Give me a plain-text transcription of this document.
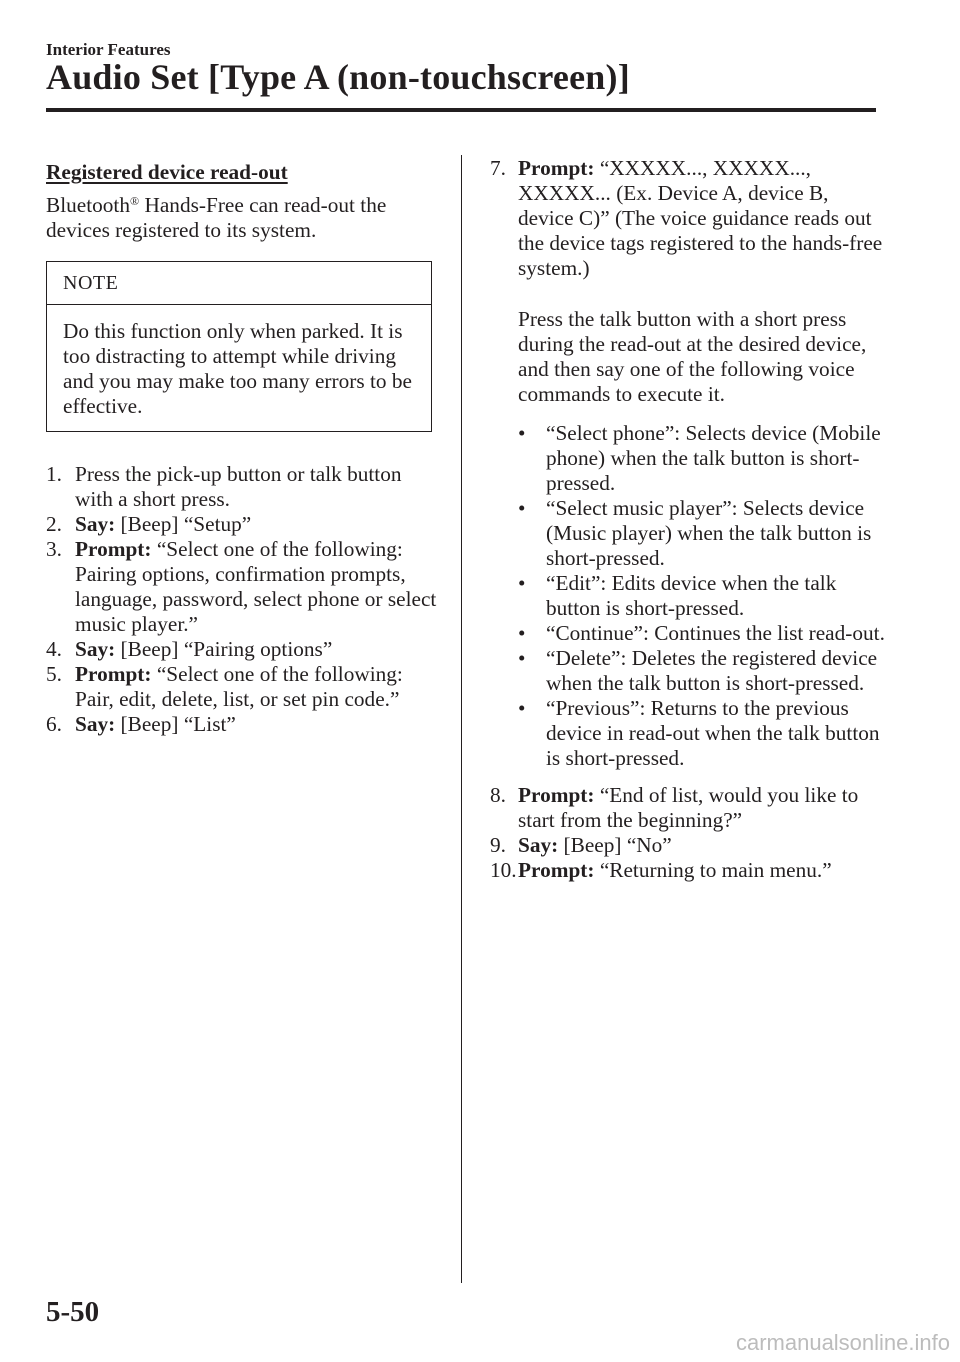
Interior Features
Audio Set [Type A (non-touchscreen)]
Registered device read-out

Bluetooth® Hands-Free can read-out the devices registered to its system.

NOTE
Do this function only when parked. It is too distracting to attempt while driving and you may make too many errors to be effective.
1. Press the pick-up button or talk button with a short press.
2. Say: [Beep] “Setup”
3. Prompt: “Select one of the following: Pairing options, confirmation prompts, language, password, select phone or select music player.”
4. Say: [Beep] “Pairing options”
5. Prompt: “Select one of the following: Pair, edit, delete, list, or set pin code.”
6. Say: [Beep] “List”
7. Prompt: “XXXXX..., XXXXX..., XXXXX... (Ex. Device A, device B, device C)” (The voice guidance reads out the device tags registered to the hands-free system.)

Press the talk button with a short press during the read-out at the desired device, and then say one of the following voice commands to execute it.

• “Select phone”: Selects device (Mobile phone) when the talk button is short-pressed.
• “Select music player”: Selects device (Music player) when the talk button is short-pressed.
• “Edit”: Edits device when the talk button is short-pressed.
• “Continue”: Continues the list read-out.
• “Delete”: Deletes the registered device when the talk button is short-pressed.
• “Previous”: Returns to the previous device in read-out when the talk button is short-pressed.
8. Prompt: “End of list, would you like to start from the beginning?”
9. Say: [Beep] “No”
10. Prompt: “Returning to main menu.”
5-50
carmanualsonline.info
